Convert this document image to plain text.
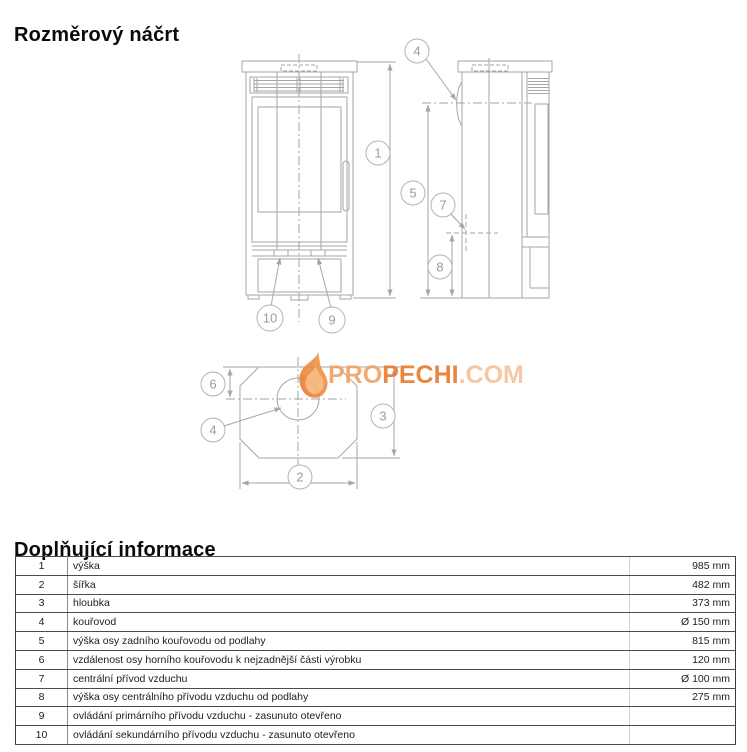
Rozměrový náčrt
1
4
5
7
8
10	9
6
4
3
2
PRO PECHI .COM
Doplňující informace
1	výška	985 mm
2	šířka	482 mm
3	hloubka	373 mm
4	kouřovod	Ø 150 mm
5	výška osy zadního kouřovodu od podlahy	815 mm
6	vzdálenost osy horního kouřovodu k nejzadnější části výrobku	120 mm
7	centrální přívod vzduchu	Ø 100 mm
8	výška osy centrálního přívodu vzduchu od podlahy	275 mm
9	ovládání primárního přívodu vzduchu - zasunuto otevřeno	
10	ovládání sekundárního přívodu vzduchu - zasunuto otevřeno	
